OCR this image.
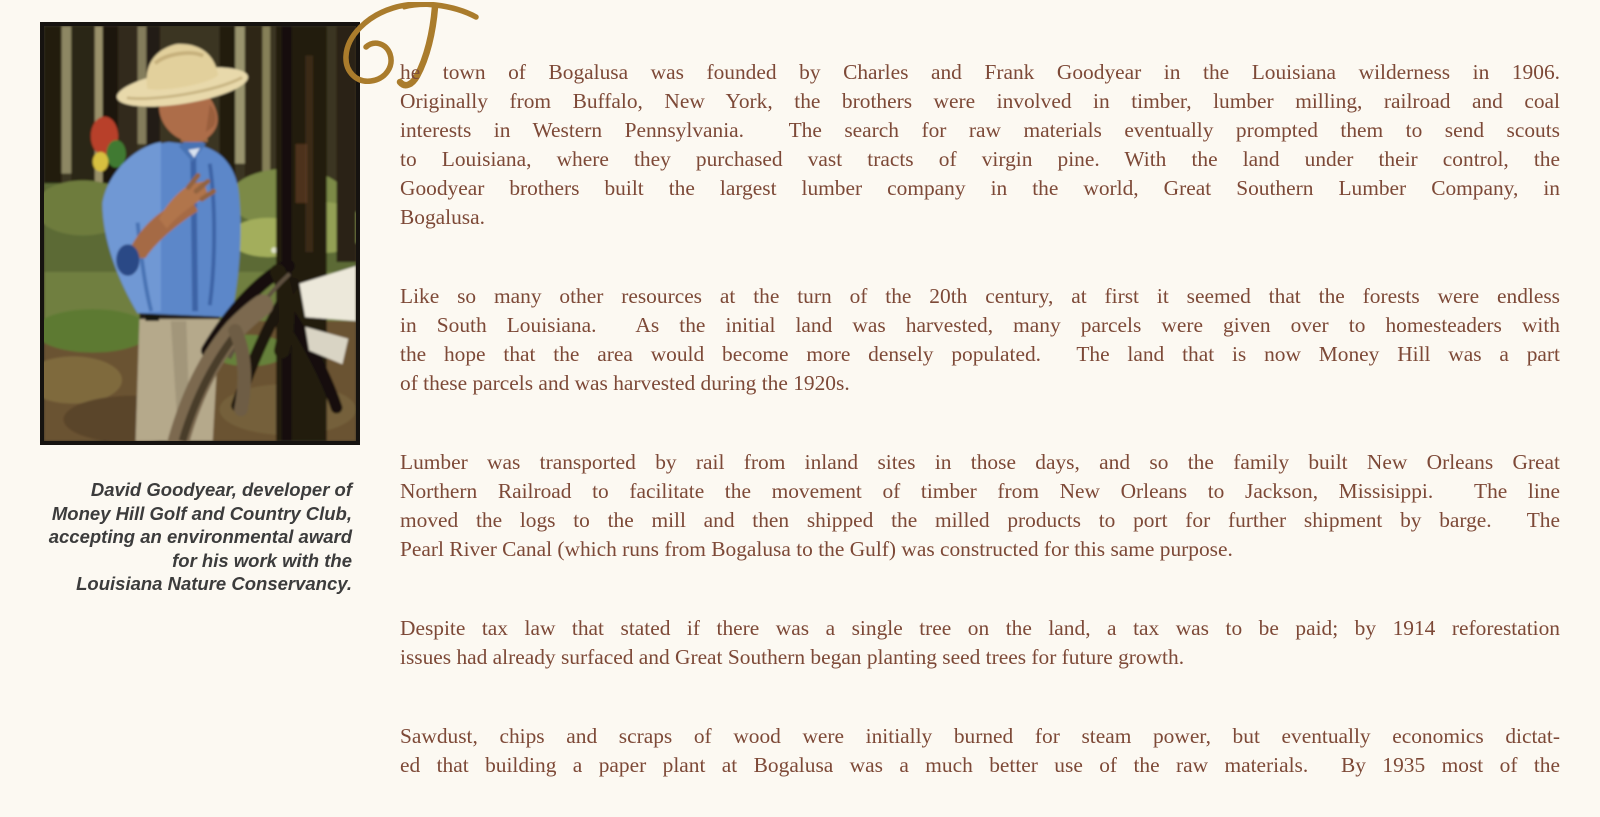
David Goodyear, developer of
Money Hill Golf and Country Club,
accepting an environmental award
for his work with the
Louisiana Nature Conservancy.

he town of Bogalusa was founded by Charles and Frank Goodyear in the Louisiana wilderness in 1906.
Originally from Buffalo, New York, the brothers were involved in timber, lumber milling, railroad and coal
interests in Western Pennsylvania.  The search for raw materials eventually prompted them to send scouts
to Louisiana, where they purchased vast tracts of virgin pine. With the land under their control, the
Goodyear brothers built the largest lumber company in the world, Great Southern Lumber Company, in
Bogalusa.

Like so many other resources at the turn of the 20th century, at first it seemed that the forests were endless
in South Louisiana.  As the initial land was harvested, many parcels were given over to homesteaders with
the hope that the area would become more densely populated.  The land that is now Money Hill was a part
of these parcels and was harvested during the 1920s.

Lumber was transported by rail from inland sites in those days, and so the family built New Orleans Great
Northern Railroad to facilitate the movement of timber from New Orleans to Jackson, Missisippi.  The line
moved the logs to the mill and then shipped the milled products to port for further shipment by barge.  The
Pearl River Canal (which runs from Bogalusa to the Gulf) was constructed for this same purpose.

Despite tax law that stated if there was a single tree on the land, a tax was to be paid; by 1914 reforestation
issues had already surfaced and Great Southern began planting seed trees for future growth.

Sawdust, chips and scraps of wood were initially burned for steam power, but eventually economics dictat-
ed that building a paper plant at Bogalusa was a much better use of the raw materials.  By 1935 most of the
